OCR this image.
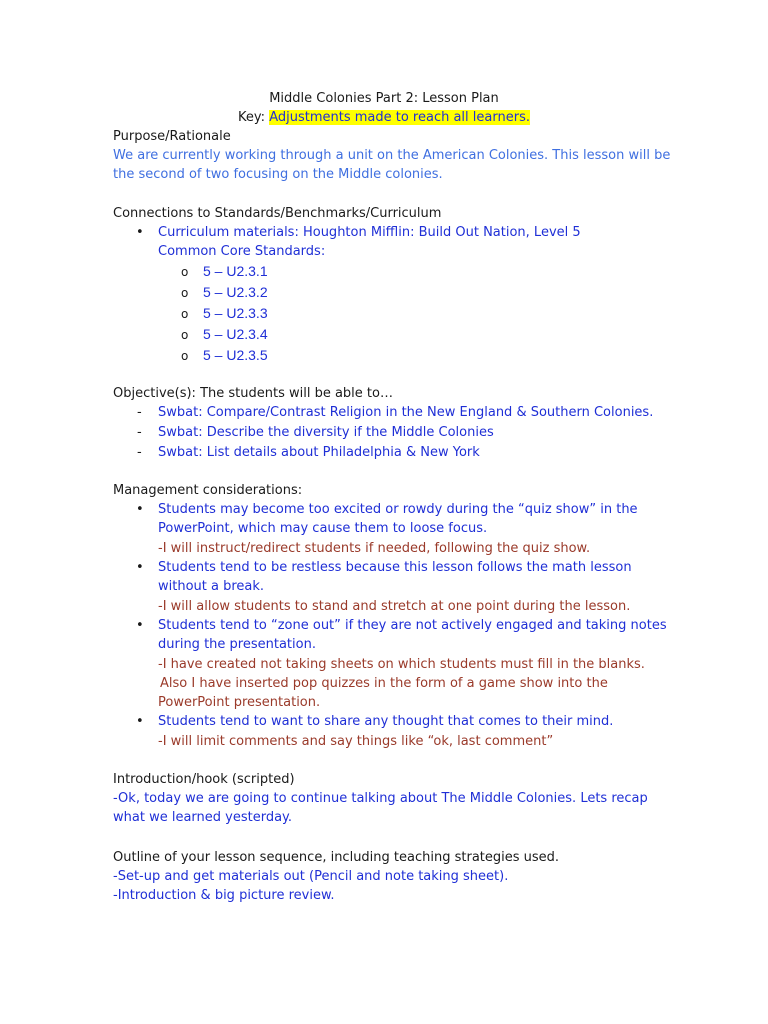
Middle Colonies Part 2: Lesson Plan
Key: Adjustments made to reach all learners.
Purpose/Rationale
We are currently working through a unit on the American Colonies. This lesson will be
the second of two focusing on the Middle colonies.
Connections to Standards/Benchmarks/Curriculum
• Curriculum materials: Houghton Mifflin: Build Out Nation, Level 5
Common Core Standards:
o 5 – U2.3.1
o 5 – U2.3.2
o 5 – U2.3.3
o 5 – U2.3.4
o 5 – U2.3.5
Objective(s): The students will be able to…
- Swbat: Compare/Contrast Religion in the New England & Southern Colonies.
- Swbat: Describe the diversity if the Middle Colonies
- Swbat: List details about Philadelphia & New York
Management considerations:
• Students may become too excited or rowdy during the “quiz show” in the
PowerPoint, which may cause them to loose focus.
-I will instruct/redirect students if needed, following the quiz show.
• Students tend to be restless because this lesson follows the math lesson
without a break.
-I will allow students to stand and stretch at one point during the lesson.
• Students tend to “zone out” if they are not actively engaged and taking notes
during the presentation.
-I have created not taking sheets on which students must fill in the blanks.
Also I have inserted pop quizzes in the form of a game show into the
PowerPoint presentation.
• Students tend to want to share any thought that comes to their mind.
-I will limit comments and say things like “ok, last comment”
Introduction/hook (scripted)
-Ok, today we are going to continue talking about The Middle Colonies. Lets recap
what we learned yesterday.
Outline of your lesson sequence, including teaching strategies used.
-Set-up and get materials out (Pencil and note taking sheet).
-Introduction & big picture review.
